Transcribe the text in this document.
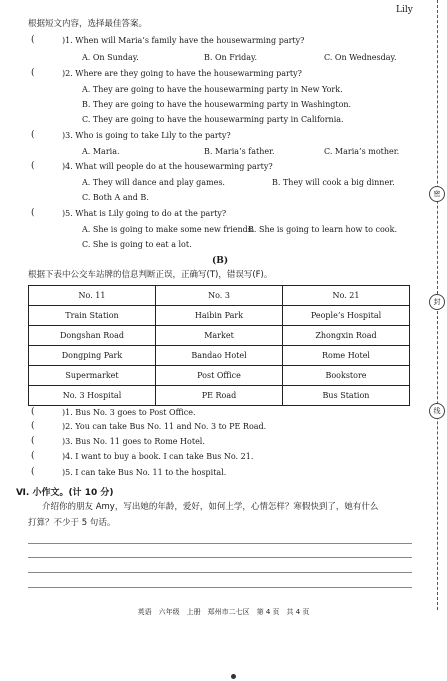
Lily
根据短文内容，选择最佳答案。
(	)1. When will Maria’s family have the housewarming party?
A. On Sunday.	B. On Friday.	C. On Wednesday.
(	)2. Where are they going to have the housewarming party?
A. They are going to have the housewarming party in New York.
B. They are going to have the housewarming party in Washington.
C. They are going to have the housewarming party in California.
(	)3. Who is going to take Lily to the party?
A. Maria.	B. Maria’s father.	C. Maria’s mother.
(	)4. What will people do at the housewarming party?
A. They will dance and play games.	B. They will cook a big dinner.
C. Both A and B.
(	)5. What is Lily going to do at the party?
A. She is going to make some new friends.
B. She is going to learn how to cook.
C. She is going to eat a lot.
(B)
根据下表中公交车站牌的信息判断正误，正确写(T)，错误写(F)。
No. 11	No. 3	No. 21
Train Station	Haibin Park	People’s Hospital
Dongshan Road	Market	Zhongxin Road
Dongping Park	Bandao Hotel	Rome Hotel
Supermarket	Post Office	Bookstore
No. 3 Hospital	PE Road	Bus Station
(	)1. Bus No. 3 goes to Post Office.
(	)2. You can take Bus No. 11 and No. 3 to PE Road.
(	)3. Bus No. 11 goes to Rome Hotel.
(	)4. I want to buy a book. I can take Bus No. 21.
(	)5. I can take Bus No. 11 to the hospital.
Ⅵ. 小作文。(计 10 分)
介绍你的朋友 Amy，写出她的年龄，爱好，如何上学，心情怎样？寒假快到了，她有什么
打算？不少于 5 句话。
密
封
线
英语　六年级　上册　郑州市二七区　第 4 页　共 4 页
